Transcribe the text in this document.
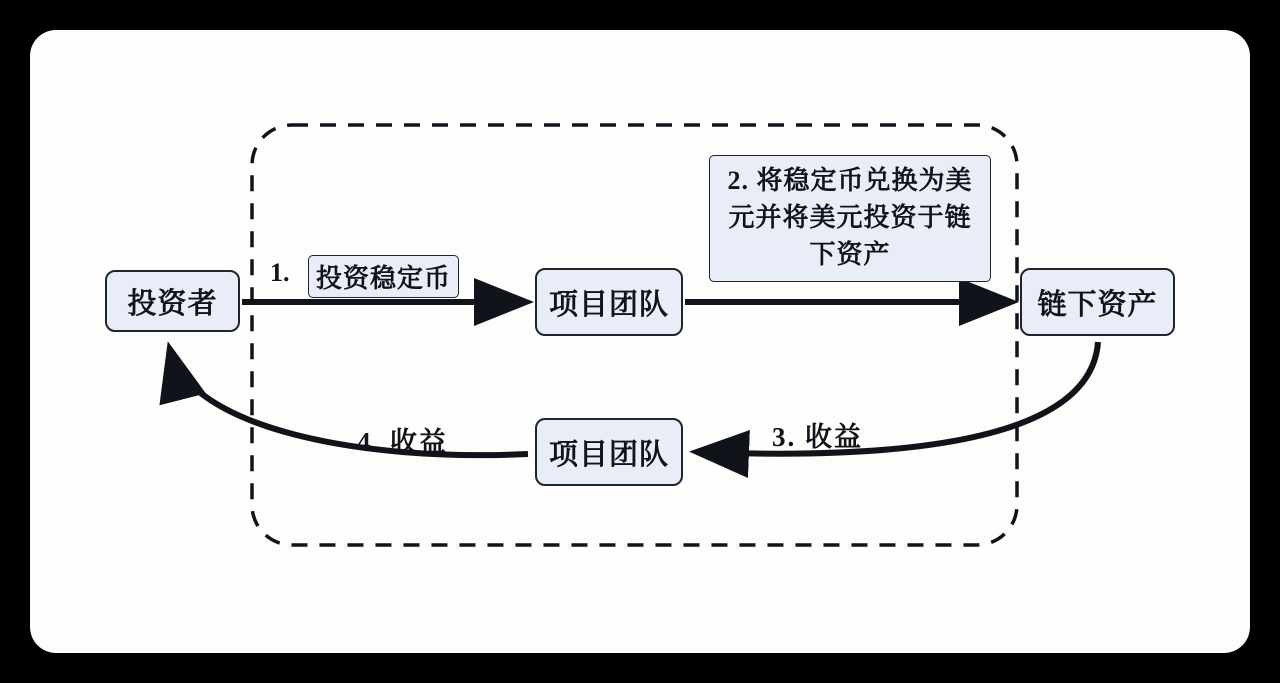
投资者	项目团队	链下资产
项目团队
1.	投资稳定币
2. 将稳定币兑换为美元并将美元投资于链下资产
3. 收益
4. 收益
